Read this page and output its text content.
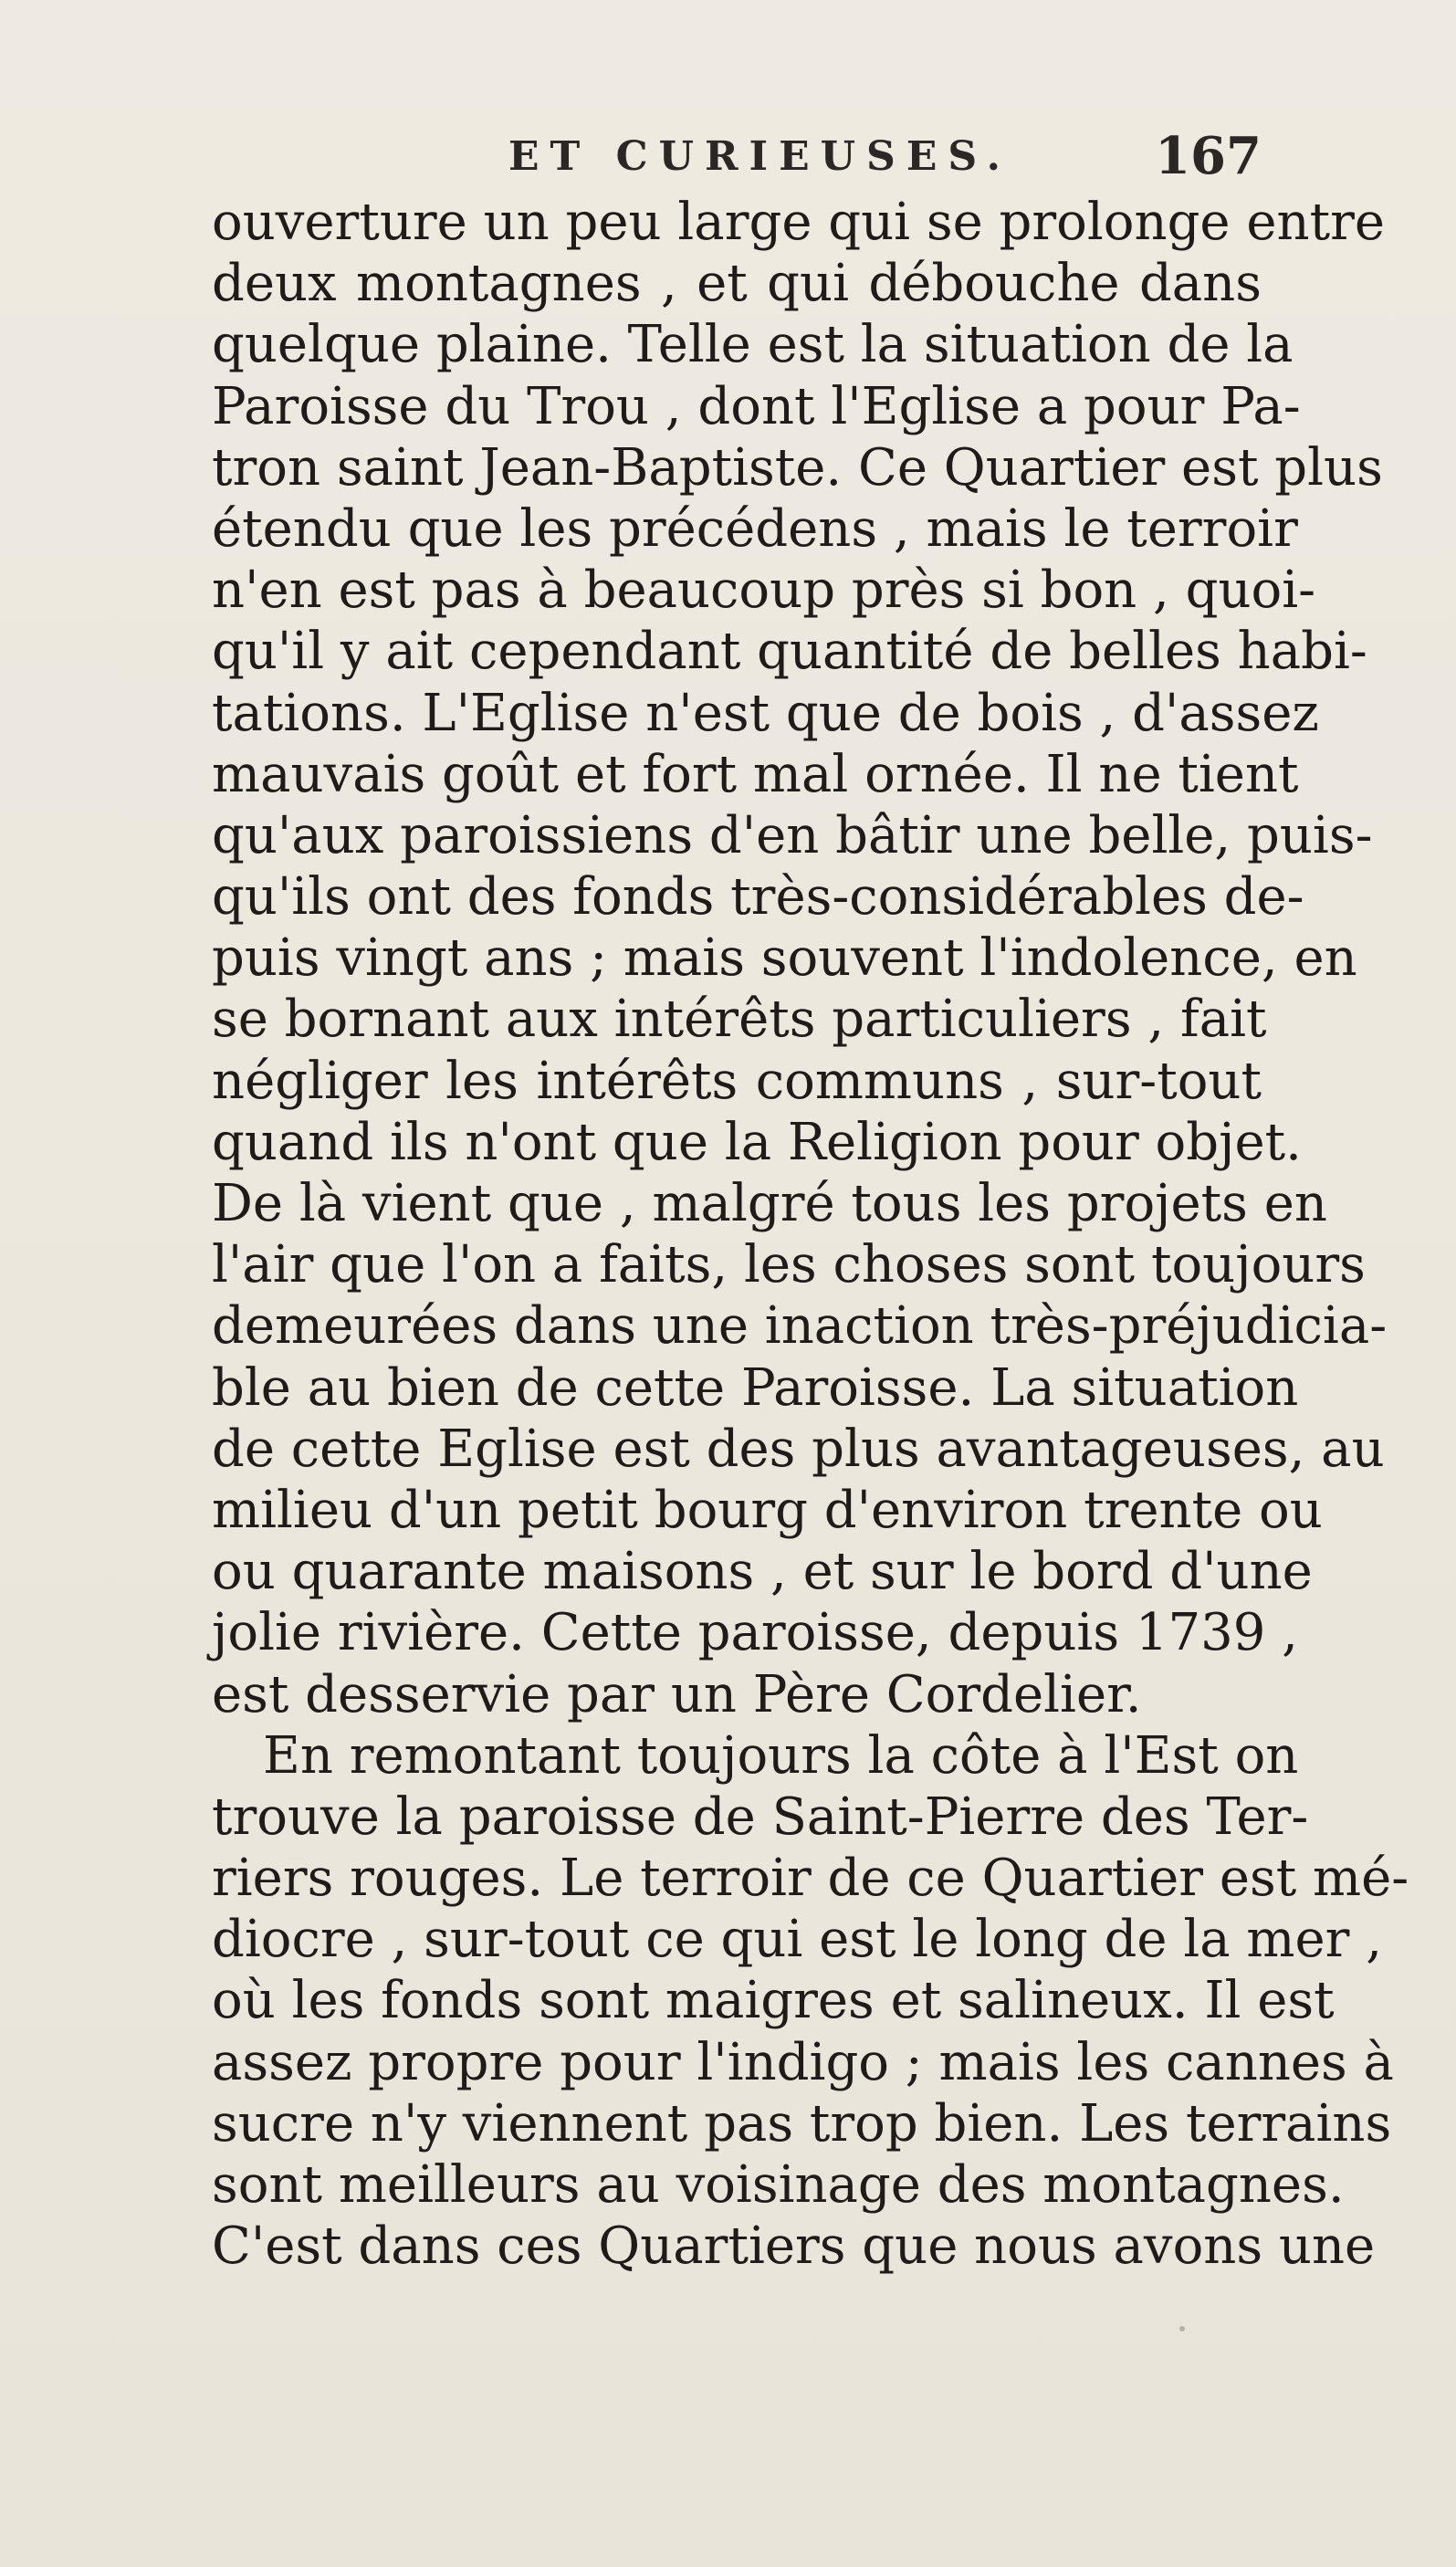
ET CURIEUSES.	167
ouverture un peu large qui se prolonge entre
deux montagnes , et qui débouche dans
quelque plaine. Telle est la situation de la
Paroisse du Trou , dont l'Eglise a pour Pa-
tron saint Jean-Baptiste. Ce Quartier est plus
étendu que les précédens , mais le terroir
n'en est pas à beaucoup près si bon , quoi-
qu'il y ait cependant quantité de belles habi-
tations. L'Eglise n'est que de bois , d'assez
mauvais goût et fort mal ornée. Il ne tient
qu'aux paroissiens d'en bâtir une belle, puis-
qu'ils ont des fonds très-considérables de-
puis vingt ans ; mais souvent l'indolence, en
se bornant aux intérêts particuliers , fait
négliger les intérêts communs , sur-tout
quand ils n'ont que la Religion pour objet.
De là vient que , malgré tous les projets en
l'air que l'on a faits, les choses sont toujours
demeurées dans une inaction très-préjudicia-
ble au bien de cette Paroisse. La situation
de cette Eglise est des plus avantageuses, au
milieu d'un petit bourg d'environ trente ou
ou quarante maisons , et sur le bord d'une
jolie rivière. Cette paroisse, depuis 1739 ,
est desservie par un Père Cordelier.
En remontant toujours la côte à l'Est on
trouve la paroisse de Saint-Pierre des Ter-
riers rouges. Le terroir de ce Quartier est mé-
diocre , sur-tout ce qui est le long de la mer ,
où les fonds sont maigres et salineux. Il est
assez propre pour l'indigo ; mais les cannes à
sucre n'y viennent pas trop bien. Les terrains
sont meilleurs au voisinage des montagnes.
C'est dans ces Quartiers que nous avons une
